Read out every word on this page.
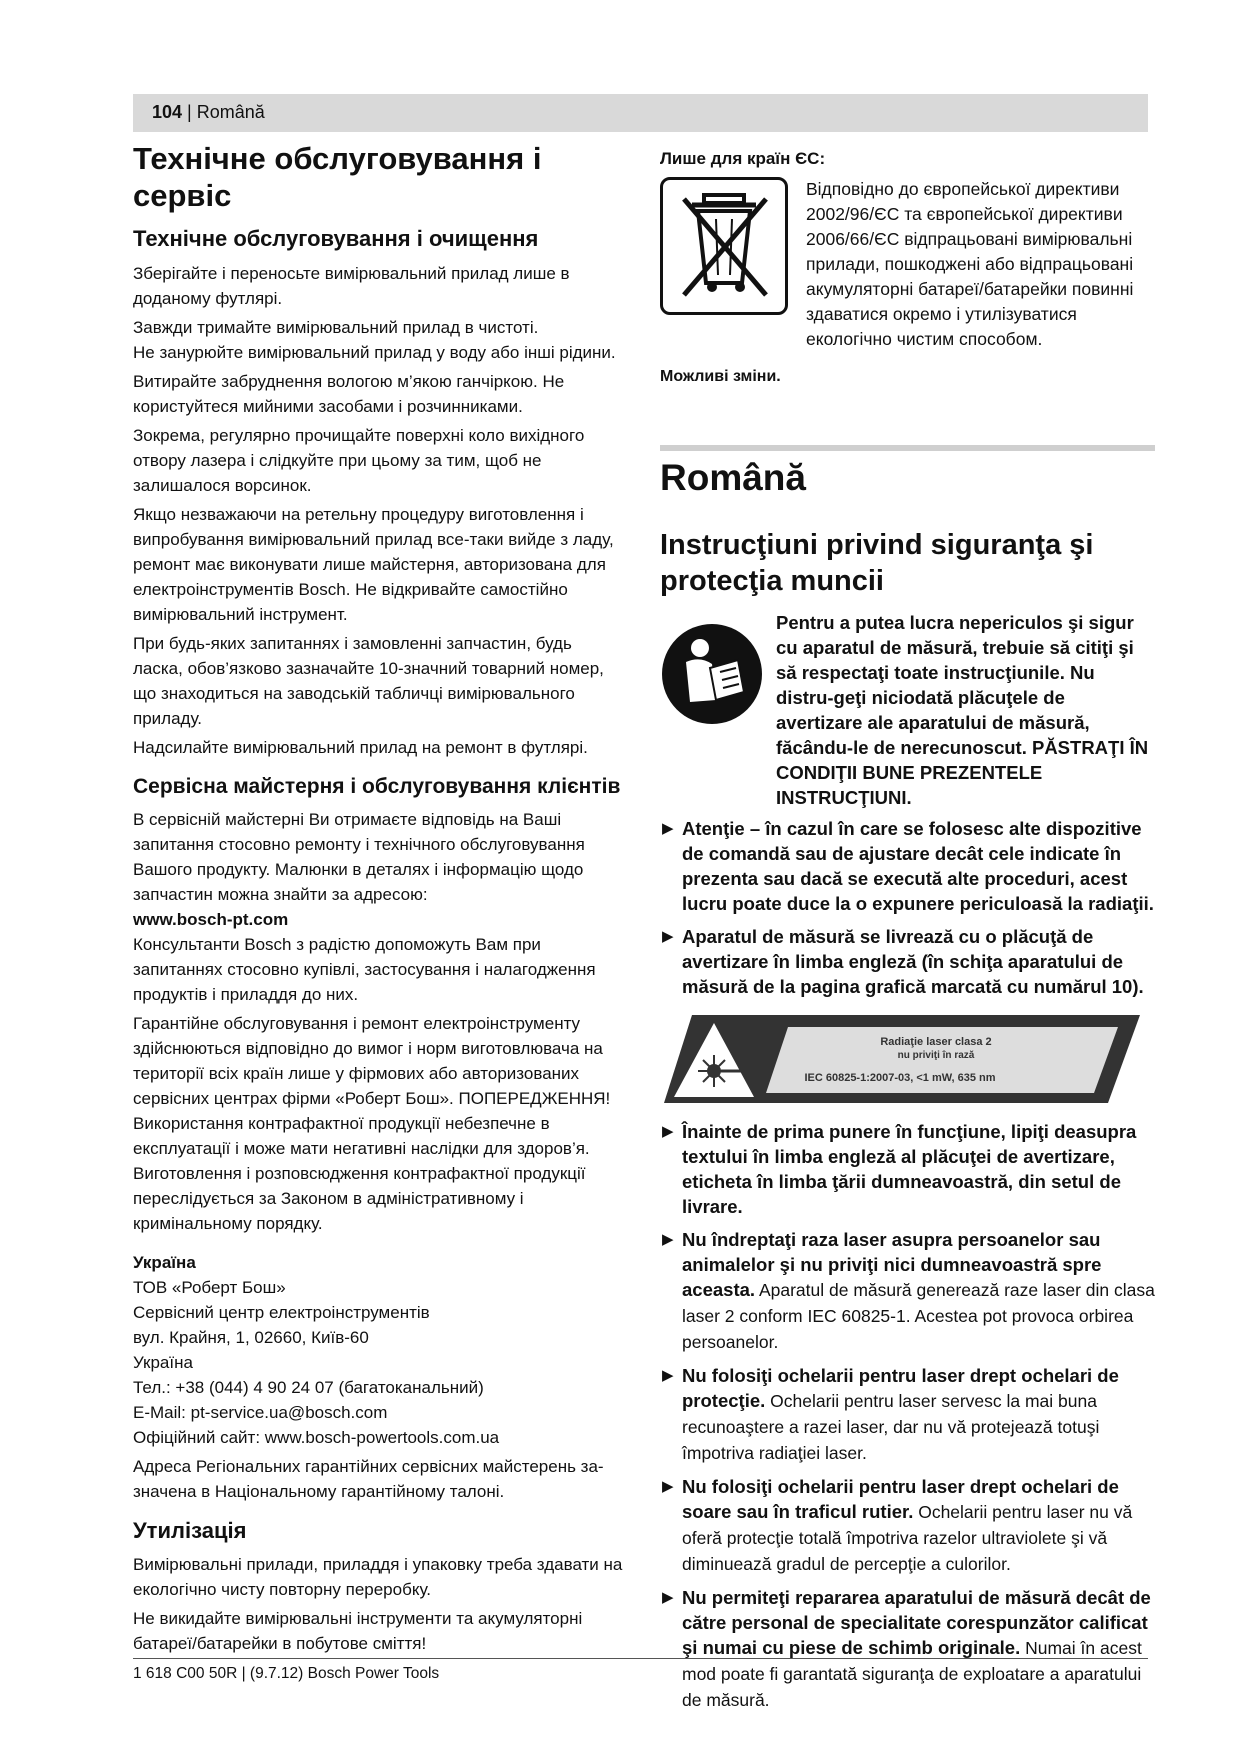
104 | Română
Технічне обслуговування і сервіс
Технічне обслуговування і очищення
Зберігайте і переносьте вимірювальний прилад лише в доданому футлярі.
Завжди тримайте вимірювальний прилад в чистоті.
Не занурюйте вимірювальний прилад у воду або інші рідини.
Витирайте забруднення вологою м’якою ганчіркою. Не користуйтеся мийними засобами і розчинниками.
Зокрема, регулярно прочищайте поверхні коло вихідного отвору лазера і слідкуйте при цьому за тим, щоб не залишалося ворсинок.
Якщо незважаючи на ретельну процедуру виготовлення і випробування вимірювальний прилад все-таки вийде з ладу, ремонт має виконувати лише майстерня, авторизована для електроінструментів Bosch. Не відкривайте самостійно вимірювальний інструмент.
При будь-яких запитаннях і замовленні запчастин, будь ласка, обов’язково зазначайте 10-значний товарний номер, що знаходиться на заводській табличці вимірювального приладу.
Надсилайте вимірювальний прилад на ремонт в футлярі.
Сервісна майстерня і обслуговування клієнтів
В сервісній майстерні Ви отримаєте відповідь на Ваші запитання стосовно ремонту і технічного обслуговування Вашого продукту. Малюнки в деталях і інформацію щодо запчастин можна знайти за адресою:
www.bosch-pt.com
Консультанти Bosch з радістю допоможуть Вам при запитаннях стосовно купівлі, застосування і налагодження продуктів і приладдя до них.
Гарантійне обслуговування і ремонт електроінструменту здійснюються відповідно до вимог і норм виготовлювача на території всіх країн лише у фірмових або авторизованих сервісних центрах фірми «Роберт Бош». ПОПЕРЕДЖЕННЯ! Використання контрафактної продукції небезпечне в експлуатації і може мати негативні наслідки для здоров’я. Виготовлення і розповсюдження контрафактної продукції переслідується за Законом в адміністративному і кримінальному порядку.
Україна
ТОВ «Роберт Бош»
Сервісний центр електроінструментів
вул. Крайня, 1, 02660, Київ-60
Україна
Тел.: +38 (044) 4 90 24 07 (багатоканальний)
E-Mail: pt-service.ua@bosch.com
Офіційний сайт: www.bosch-powertools.com.ua
Адреса Регіональних гарантійних сервісних майстерень за-значена в Національному гарантійному талоні.
Утилізація
Вимірювальні прилади, приладдя і упаковку треба здавати на екологічно чисту повторну переробку.
Не викидайте вимірювальні інструменти та акумуляторні батареї/батарейки в побутове сміття!
Лише для країн ЄС:
Відповідно до європейської директиви 2002/96/ЄС та європейської директиви 2006/66/ЄС відпрацьовані вимірювальні прилади, пошкоджені або відпрацьовані акумуляторні батареї/батарейки повинні здаватися окремо і утилізуватися екологічно чистим способом.
Можливі зміни.
Română
Instrucţiuni privind siguranţa şi protecţia muncii
Pentru a putea lucra nepericulos şi sigur cu aparatul de măsură, trebuie să citiţi şi să respectaţi toate instrucţiunile. Nu distru-geţi niciodată plăcuţele de avertizare ale aparatului de măsură, făcându-le de nerecunoscut. PĂSTRAŢI ÎN CONDIŢII BUNE PREZENTELE INSTRUCŢIUNI.
▶ Atenţie – în cazul în care se folosesc alte dispozitive de comandă sau de ajustare decât cele indicate în prezenta sau dacă se execută alte proceduri, acest lucru poate duce la o expunere periculoasă la radiaţii.
▶ Aparatul de măsură se livrează cu o plăcuţă de avertizare în limba engleză (în schiţa aparatului de măsură de la pagina grafică marcată cu numărul 10).
Radiaţie laser clasa 2
nu priviţi în rază
IEC 60825-1:2007-03, <1 mW, 635 nm
▶ Înainte de prima punere în funcţiune, lipiţi deasupra textului în limba engleză al plăcuţei de avertizare, eticheta în limba ţării dumneavoastră, din setul de livrare.
▶ Nu îndreptaţi raza laser asupra persoanelor sau animalelor şi nu priviţi nici dumneavoastră spre aceasta. Aparatul de măsură generează raze laser din clasa laser 2 conform IEC 60825-1. Acestea pot provoca orbirea persoanelor.
▶ Nu folosiţi ochelarii pentru laser drept ochelari de protecţie. Ochelarii pentru laser servesc la mai buna recunoaştere a razei laser, dar nu vă protejează totuşi împotriva radiaţiei laser.
▶ Nu folosiţi ochelarii pentru laser drept ochelari de soare sau în traficul rutier. Ochelarii pentru laser nu vă oferă protecţie totală împotriva razelor ultraviolete şi vă diminuează gradul de percepţie a culorilor.
▶ Nu permiteţi repararea aparatului de măsură decât de către personal de specialitate corespunzător calificat şi numai cu piese de schimb originale. Numai în acest mod poate fi garantată siguranţa de exploatare a aparatului de măsură.
1 618 C00 50R | (9.7.12) Bosch Power Tools
